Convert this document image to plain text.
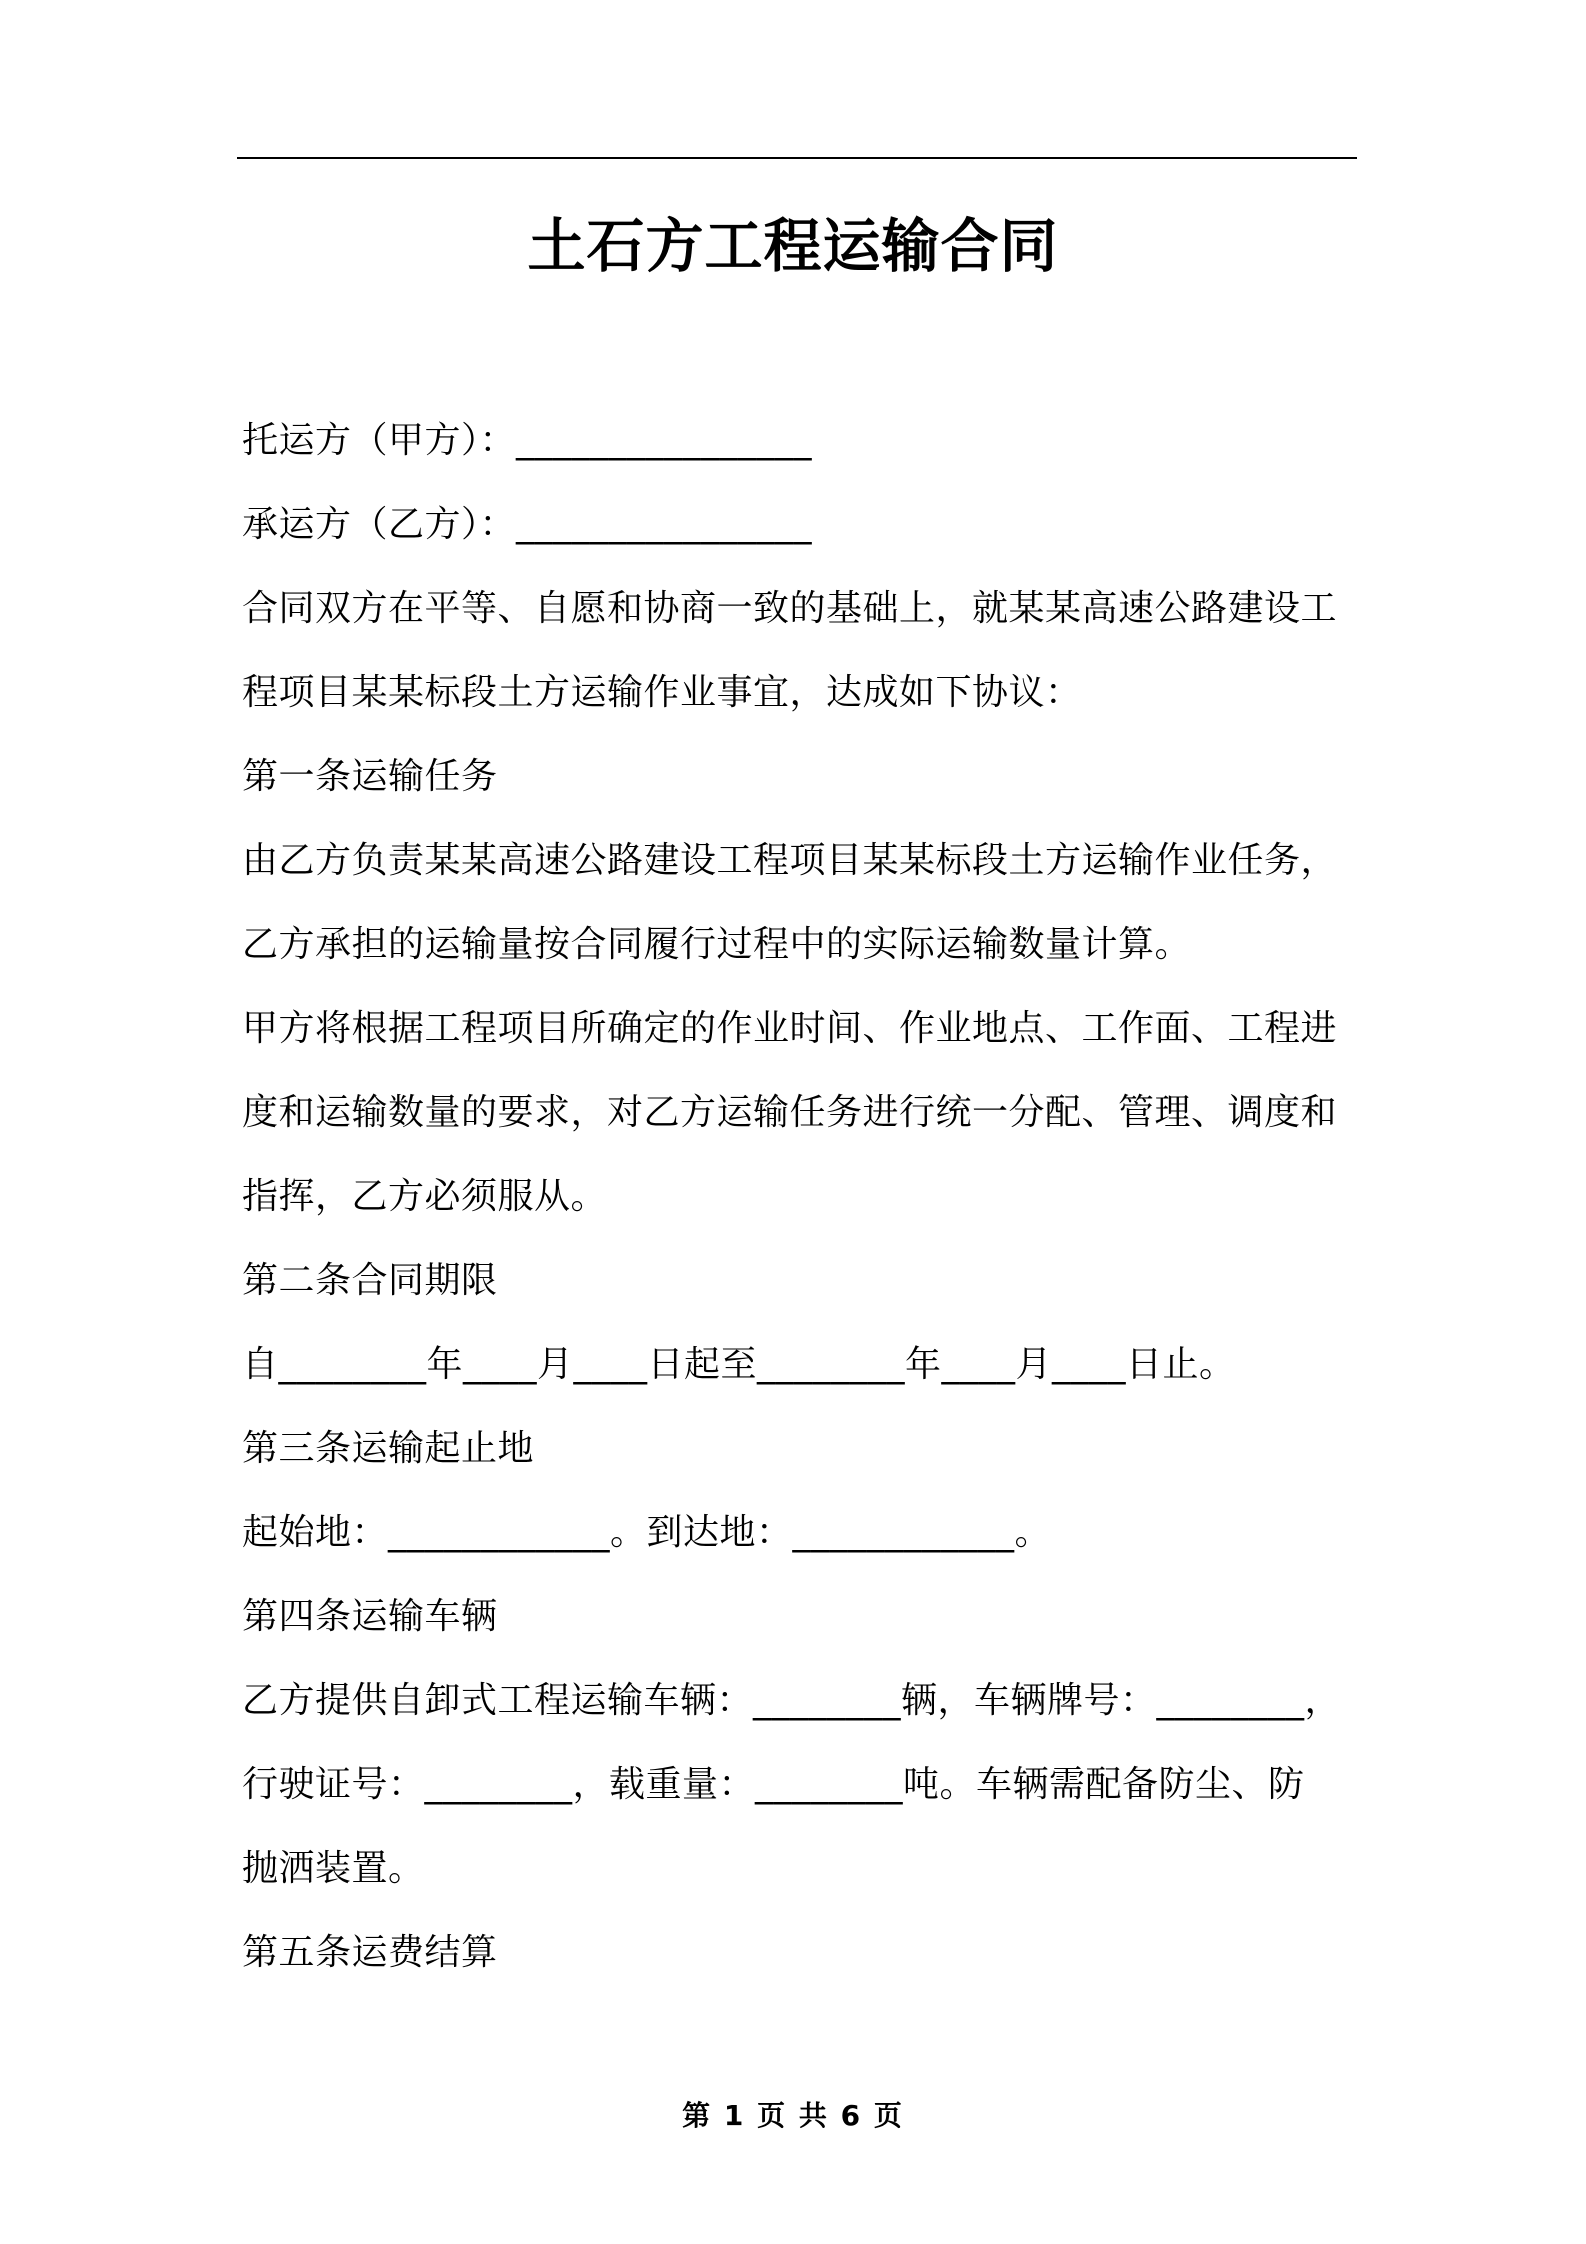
土石方工程运输合同
托运方（甲方）：________________
承运方（乙方）：________________
合同双方在平等、自愿和协商一致的基础上，就某某高速公路建设工
程项目某某标段土方运输作业事宜，达成如下协议：
第一条运输任务
由乙方负责某某高速公路建设工程项目某某标段土方运输作业任务，
乙方承担的运输量按合同履行过程中的实际运输数量计算。
甲方将根据工程项目所确定的作业时间、作业地点、工作面、工程进
度和运输数量的要求，对乙方运输任务进行统一分配、管理、调度和
指挥，乙方必须服从。
第二条合同期限
自________年____月____日起至________年____月____日止。
第三条运输起止地
起始地：____________。到达地：____________。
第四条运输车辆
乙方提供自卸式工程运输车辆：________辆，车辆牌号：________，
行驶证号：________，载重量：________吨。车辆需配备防尘、防
抛洒装置。
第五条运费结算
第 1 页 共 6 页
